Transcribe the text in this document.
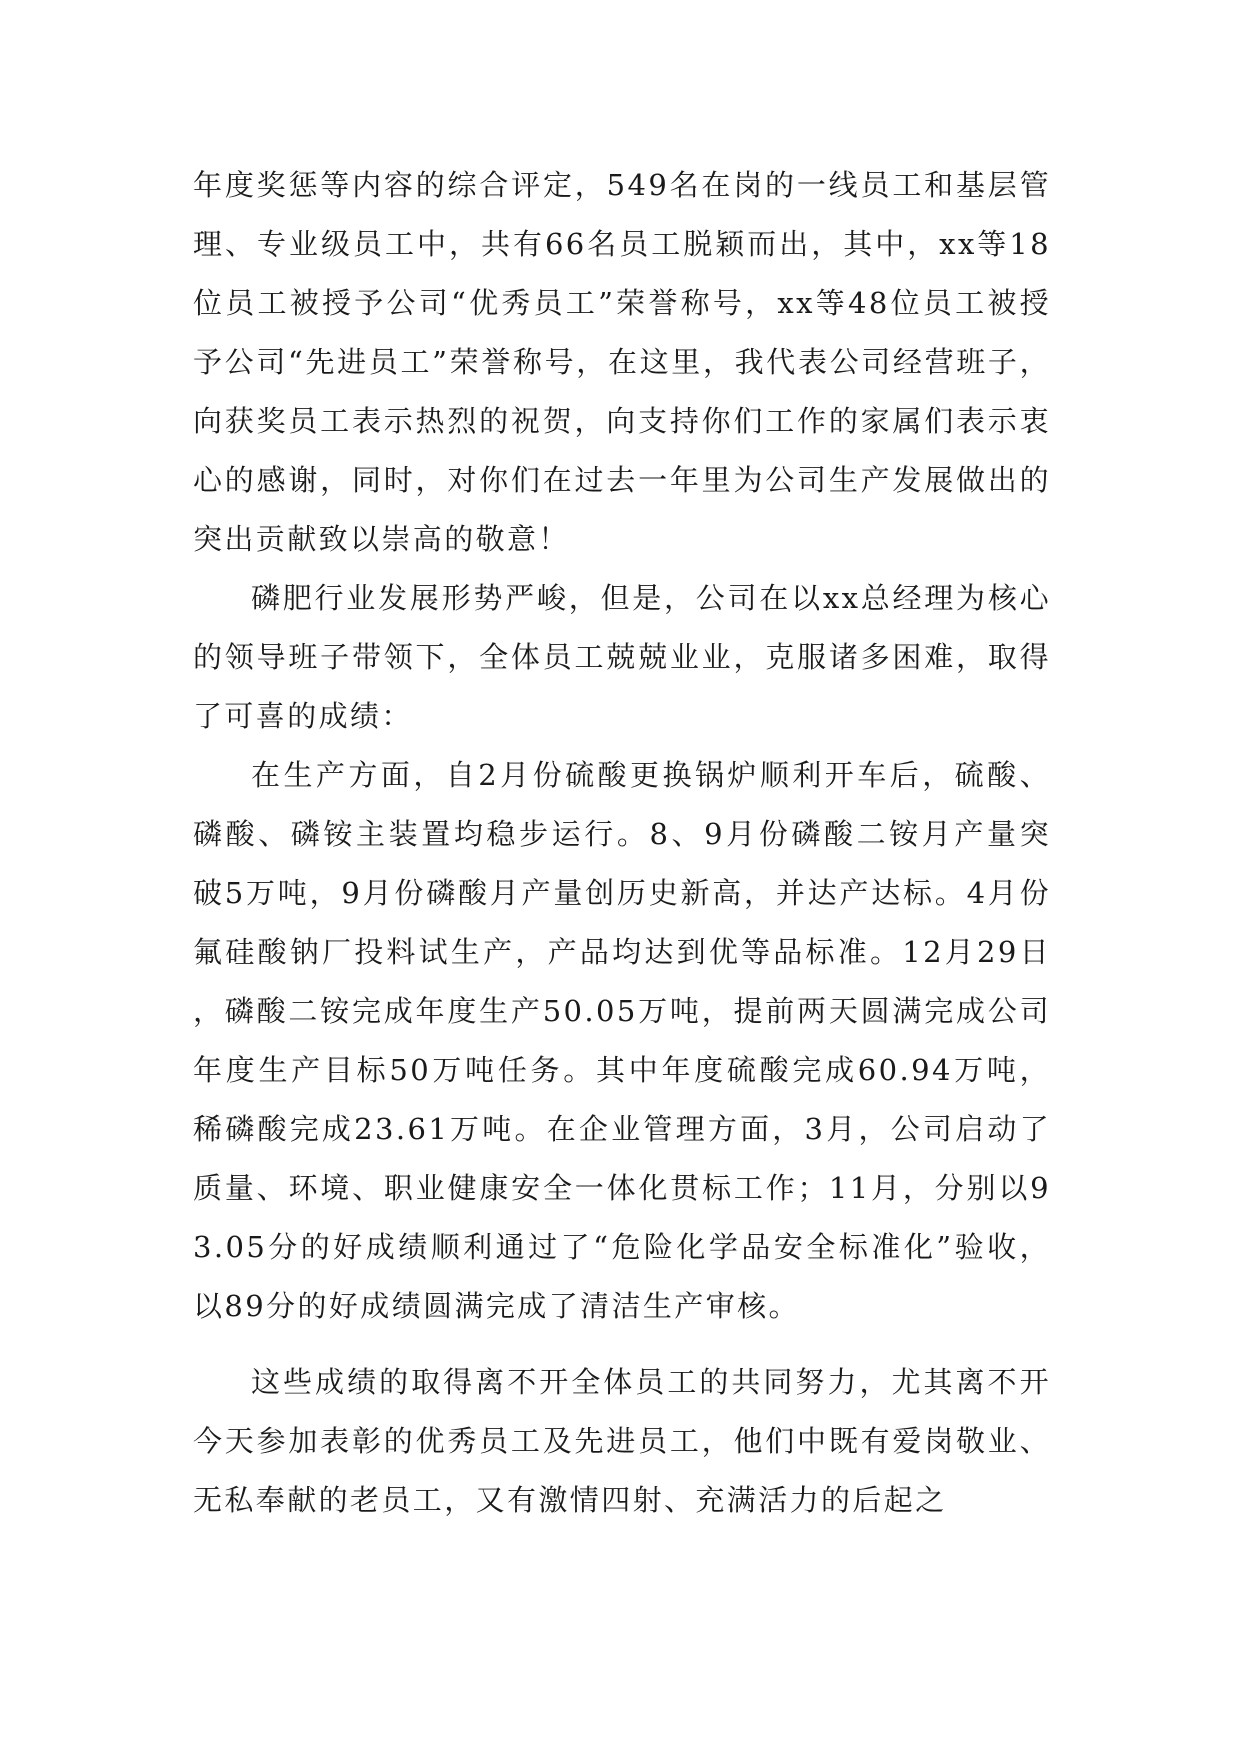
年度奖惩等内容的综合评定，549名在岗的一线员工和基层管理、专业级员工中，共有66名员工脱颖而出，其中，xx等18位员工被授予公司“优秀员工”荣誉称号，xx等48位员工被授予公司“先进员工”荣誉称号，在这里，我代表公司经营班子，向获奖员工表示热烈的祝贺，向支持你们工作的家属们表示衷心的感谢，同时，对你们在过去一年里为公司生产发展做出的突出贡献致以崇高的敬意！

磷肥行业发展形势严峻，但是，公司在以xx总经理为核心的领导班子带领下，全体员工兢兢业业，克服诸多困难，取得了可喜的成绩：

在生产方面，自2月份硫酸更换锅炉顺利开车后，硫酸、磷酸、磷铵主装置均稳步运行。8、9月份磷酸二铵月产量突破5万吨，9月份磷酸月产量创历史新高，并达产达标。4月份氟硅酸钠厂投料试生产，产品均达到优等品标准。12月29日，磷酸二铵完成年度生产50.05万吨，提前两天圆满完成公司年度生产目标50万吨任务。其中年度硫酸完成60.94万吨，稀磷酸完成23.61万吨。在企业管理方面，3月，公司启动了质量、环境、职业健康安全一体化贯标工作；11月，分别以93.05分的好成绩顺利通过了“危险化学品安全标准化”验收，以89分的好成绩圆满完成了清洁生产审核。

这些成绩的取得离不开全体员工的共同努力，尤其离不开今天参加表彰的优秀员工及先进员工，他们中既有爱岗敬业、无私奉献的老员工，又有激情四射、充满活力的后起之
